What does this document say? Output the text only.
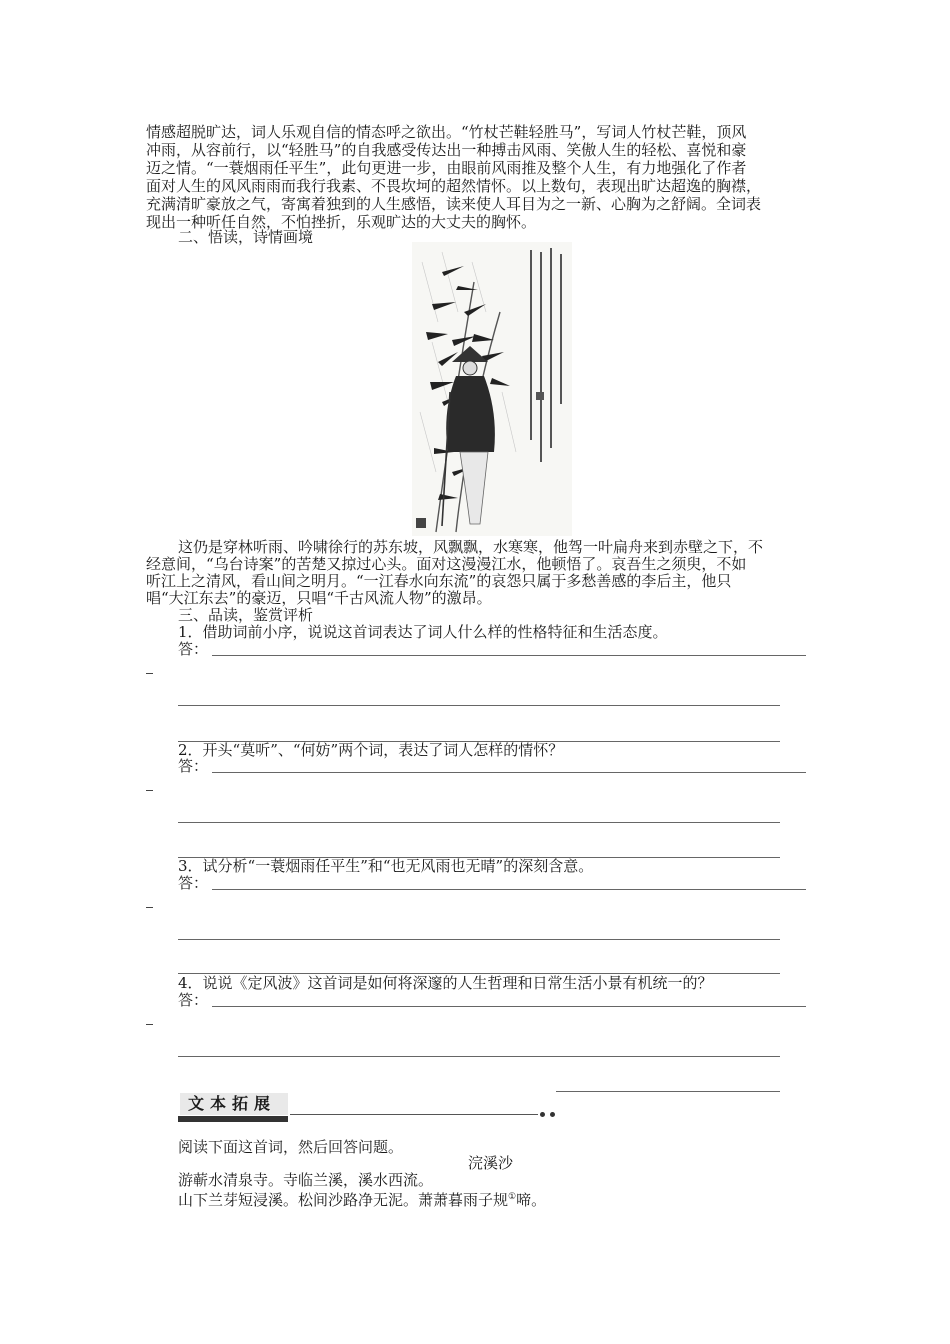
情感超脱旷达，词人乐观自信的情态呼之欲出。“竹杖芒鞋轻胜马”，写词人竹杖芒鞋，顶风
冲雨，从容前行，以“轻胜马”的自我感受传达出一种搏击风雨、笑傲人生的轻松、喜悦和豪
迈之情。“一蓑烟雨任平生”，此句更进一步，由眼前风雨推及整个人生，有力地强化了作者
面对人生的风风雨雨而我行我素、不畏坎坷的超然情怀。以上数句，表现出旷达超逸的胸襟，
充满清旷豪放之气，寄寓着独到的人生感悟，读来使人耳目为之一新、心胸为之舒阔。全词表
现出一种听任自然，不怕挫折，乐观旷达的大丈夫的胸怀。
二、悟读，诗情画境
这仍是穿林听雨、吟啸徐行的苏东坡，风飘飘，水寒寒，他驾一叶扁舟来到赤壁之下，不
经意间，“乌台诗案”的苦楚又掠过心头。面对这漫漫江水，他顿悟了。哀吾生之须臾，不如
听江上之清风，看山间之明月。“一江春水向东流”的哀怨只属于多愁善感的李后主，他只
唱“大江东去”的豪迈，只唱“千古风流人物”的激昂。
三、品读，鉴赏评析
1．借助词前小序，说说这首词表达了词人什么样的性格特征和生活态度。
答：
2．开头“莫听”、“何妨”两个词，表达了词人怎样的情怀？
答：
3．试分析“一蓑烟雨任平生”和“也无风雨也无晴”的深刻含意。
答：
4．说说《定风波》这首词是如何将深邃的人生哲理和日常生活小景有机统一的？
答：
文本拓展
阅读下面这首词，然后回答问题。
浣溪沙
游蕲水清泉寺。寺临兰溪，溪水西流。
山下兰芽短浸溪。松间沙路净无泥。萧萧暮雨子规①啼。
